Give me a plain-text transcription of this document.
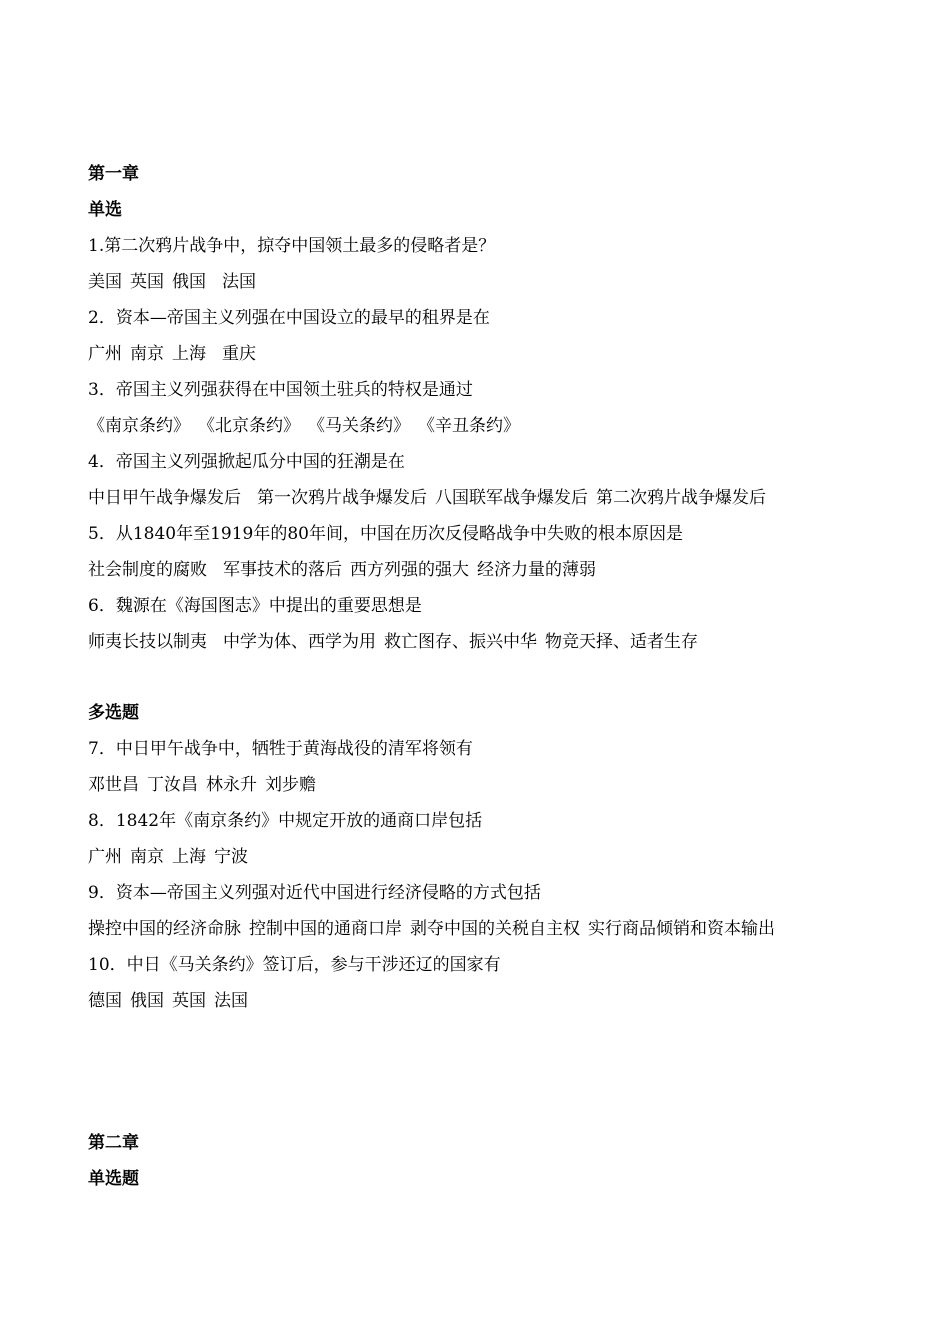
第一章
单选
1.第二次鸦片战争中，掠夺中国领土最多的侵略者是？
美国 英国 俄国 法国
2．资本—帝国主义列强在中国设立的最早的租界是在
广州 南京 上海 重庆
3．帝国主义列强获得在中国领土驻兵的特权是通过
《南京条约》 《北京条约》 《马关条约》 《辛丑条约》
4．帝国主义列强掀起瓜分中国的狂潮是在
中日甲午战争爆发后 第一次鸦片战争爆发后 八国联军战争爆发后 第二次鸦片战争爆发后
5．从1840年至1919年的80年间，中国在历次反侵略战争中失败的根本原因是
社会制度的腐败 军事技术的落后 西方列强的强大 经济力量的薄弱
6．魏源在《海国图志》中提出的重要思想是
师夷长技以制夷 中学为体、西学为用 救亡图存、振兴中华 物竞天择、适者生存
多选题
7．中日甲午战争中，牺牲于黄海战役的清军将领有
邓世昌 丁汝昌 林永升 刘步赡
8．1842年《南京条约》中规定开放的通商口岸包括
广州 南京 上海 宁波
9．资本—帝国主义列强对近代中国进行经济侵略的方式包括
操控中国的经济命脉 控制中国的通商口岸 剥夺中国的关税自主权 实行商品倾销和资本输出
10．中日《马关条约》签订后，参与干涉还辽的国家有
德国 俄国 英国 法国
第二章
单选题
